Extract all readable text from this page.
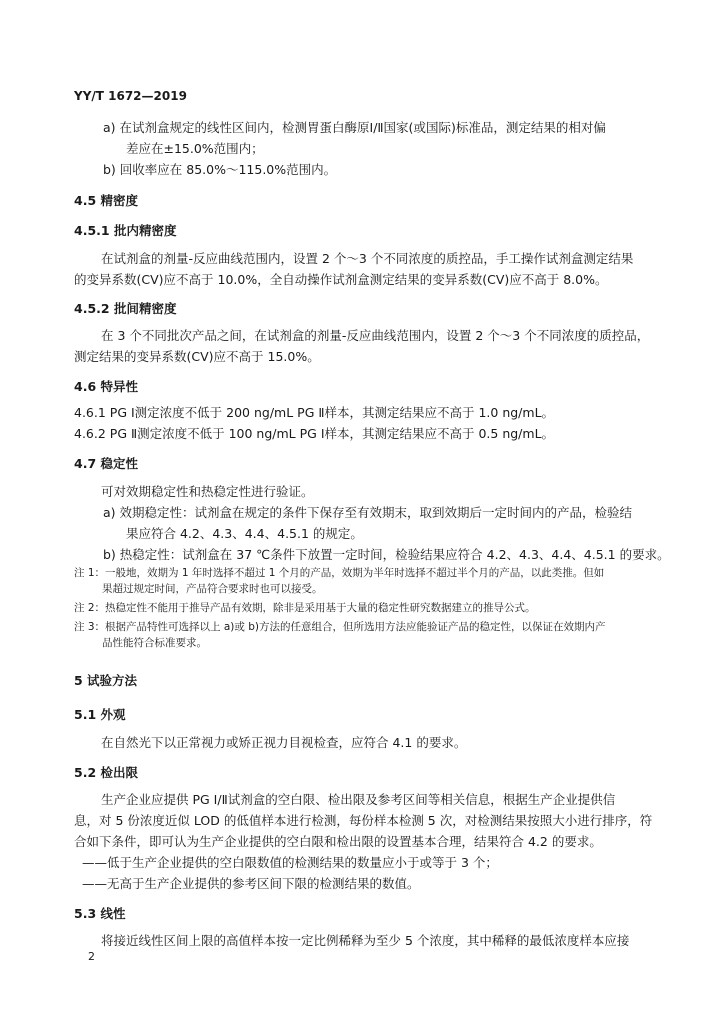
YY/T 1672—2019
a) 在试剂盒规定的线性区间内，检测胃蛋白酶原Ⅰ/Ⅱ国家(或国际)标准品，测定结果的相对偏
差应在±15.0%范围内；
b) 回收率应在 85.0%～115.0%范围内。
4.5 精密度
4.5.1 批内精密度
在试剂盒的剂量-反应曲线范围内，设置 2 个～3 个不同浓度的质控品，手工操作试剂盒测定结果
的变异系数(CV)应不高于 10.0%，全自动操作试剂盒测定结果的变异系数(CV)应不高于 8.0%。
4.5.2 批间精密度
在 3 个不同批次产品之间，在试剂盒的剂量-反应曲线范围内，设置 2 个～3 个不同浓度的质控品，
测定结果的变异系数(CV)应不高于 15.0%。
4.6 特异性
4.6.1 PG Ⅰ测定浓度不低于 200 ng/mL PG Ⅱ样本，其测定结果应不高于 1.0 ng/mL。
4.6.2 PG Ⅱ测定浓度不低于 100 ng/mL PG Ⅰ样本，其测定结果应不高于 0.5 ng/mL。
4.7 稳定性
可对效期稳定性和热稳定性进行验证。
a) 效期稳定性：试剂盒在规定的条件下保存至有效期末，取到效期后一定时间内的产品，检验结
果应符合 4.2、4.3、4.4、4.5.1 的规定。
b) 热稳定性：试剂盒在 37 ℃条件下放置一定时间，检验结果应符合 4.2、4.3、4.4、4.5.1 的要求。
注 1：一般地，效期为 1 年时选择不超过 1 个月的产品，效期为半年时选择不超过半个月的产品，以此类推。但如
果超过规定时间，产品符合要求时也可以接受。
注 2：热稳定性不能用于推导产品有效期，除非是采用基于大量的稳定性研究数据建立的推导公式。
注 3：根据产品特性可选择以上 a)或 b)方法的任意组合，但所选用方法应能验证产品的稳定性，以保证在效期内产
品性能符合标准要求。
5 试验方法
5.1 外观
在自然光下以正常视力或矫正视力目视检查，应符合 4.1 的要求。
5.2 检出限
生产企业应提供 PG Ⅰ/Ⅱ试剂盒的空白限、检出限及参考区间等相关信息，根据生产企业提供信
息，对 5 份浓度近似 LOD 的低值样本进行检测，每份样本检测 5 次，对检测结果按照大小进行排序，符
合如下条件，即可认为生产企业提供的空白限和检出限的设置基本合理，结果符合 4.2 的要求。
——低于生产企业提供的空白限数值的检测结果的数量应小于或等于 3 个；
——无高于生产企业提供的参考区间下限的检测结果的数值。
5.3 线性
将接近线性区间上限的高值样本按一定比例稀释为至少 5 个浓度，其中稀释的最低浓度样本应接
2
